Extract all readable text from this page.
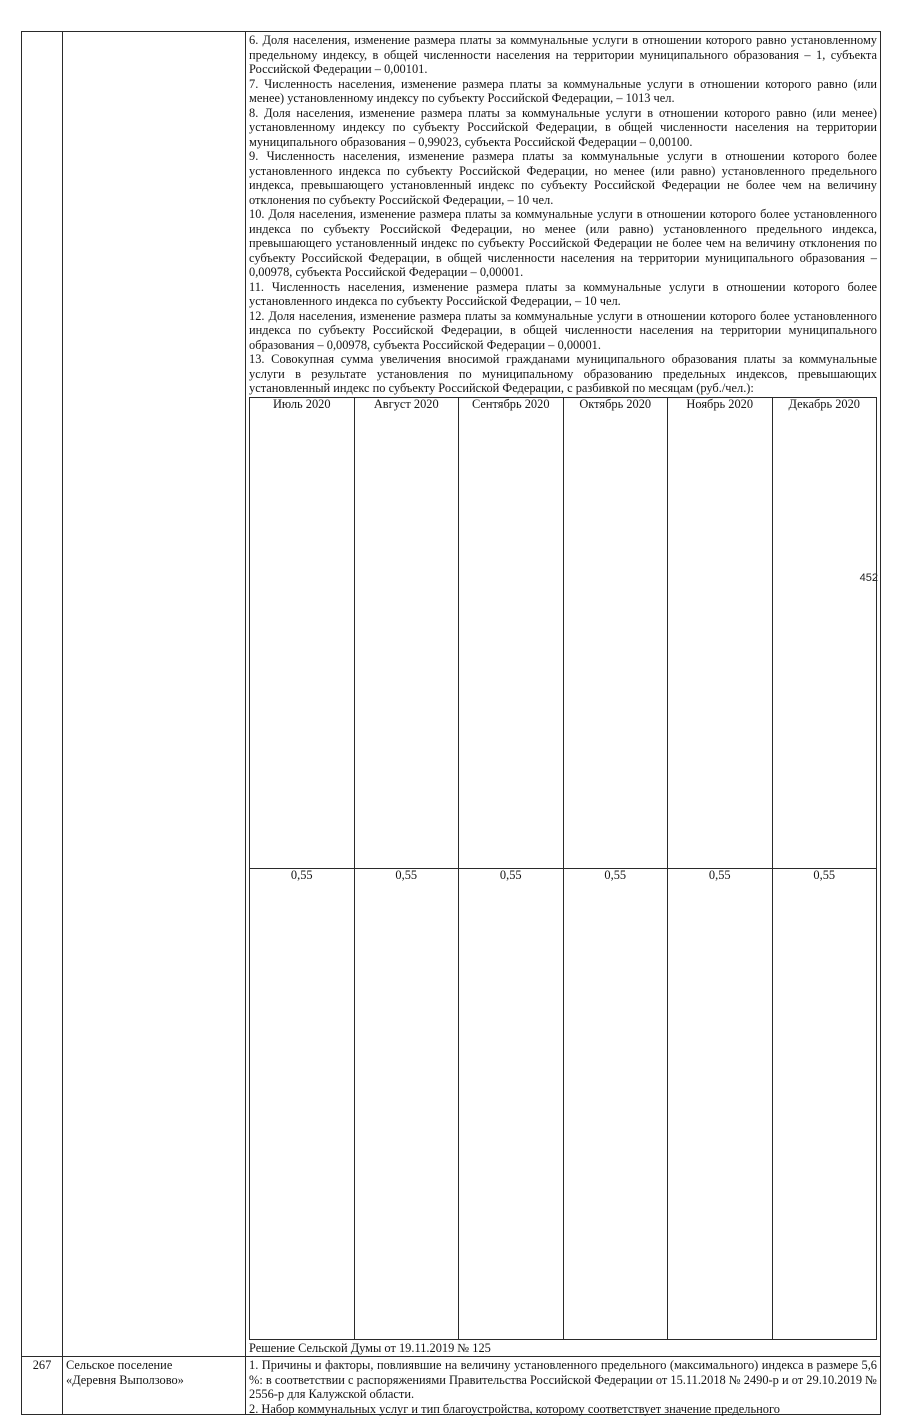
6. Доля населения, изменение размера платы за коммунальные услуги в отношении которого равно установленному предельному индексу, в общей численности населения на территории муниципального образования – 1, субъекта Российской Федерации – 0,00101.

7. Численность населения, изменение размера платы за коммунальные услуги в отношении которого равно (или менее) установленному индексу по субъекту Российской Федерации, – 1013 чел.

8. Доля населения, изменение размера платы за коммунальные услуги в отношении которого равно (или менее) установленному индексу по субъекту Российской Федерации, в общей численности населения на территории муниципального образования – 0,99023, субъекта Российской Федерации – 0,00100.

9. Численность населения, изменение размера платы за коммунальные услуги в отношении которого более установленного индекса по субъекту Российской Федерации, но менее (или равно) установленного предельного индекса, превышающего установленный индекс по субъекту Российской Федерации не более чем на величину отклонения по субъекту Российской Федерации, – 10 чел.

10. Доля населения, изменение размера платы за коммунальные услуги в отношении которого более установленного индекса по субъекту Российской Федерации, но менее (или равно) установленного предельного индекса, превышающего установленный индекс по субъекту Российской Федерации не более чем на величину отклонения по субъекту Российской Федерации, в общей численности населения на территории муниципального образования – 0,00978, субъекта Российской Федерации – 0,00001.

11. Численность населения, изменение размера платы за коммунальные услуги в отношении которого более установленного индекса по субъекту Российской Федерации, – 10 чел.

12. Доля населения, изменение размера платы за коммунальные услуги в отношении которого более установленного индекса по субъекту Российской Федерации, в общей численности населения на территории муниципального образования – 0,00978, субъекта Российской Федерации – 0,00001.

13. Совокупная сумма увеличения вносимой гражданами муниципального образования платы за коммунальные услуги в результате установления по муниципальному образованию предельных индексов, превышающих установленный индекс по субъекту Российской Федерации, с разбивкой по месяцам (руб./чел.):

Июль 2020	Август 2020	Сентябрь 2020	Октябрь 2020	Ноябрь 2020	Декабрь 2020
0,55	0,55	0,55	0,55	0,55	0,55

Решение Сельской Думы от 19.11.2019 № 125

267	Сельское поселение
«Деревня Выползово»

1. Причины и факторы, повлиявшие на величину установленного предельного (максимального) индекса в размере 5,6 %: в соответствии с распоряжениями Правительства Российской Федерации от 15.11.2018 № 2490-р и от 29.10.2019 № 2556-р для Калужской области.

2. Набор коммунальных услуг и тип благоустройства, которому соответствует значение предельного

452
